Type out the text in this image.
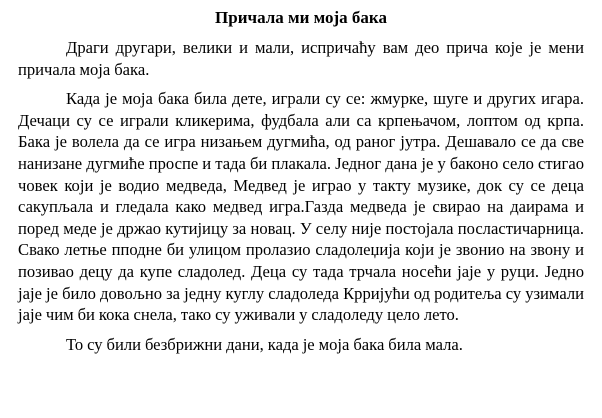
Причала ми моја бака

Драги другари, велики и мали, испричаћу вам део прича које је мени причала моја бака.

Када је моја бака била дете, играли су се: жмурке, шуге и других игара. Дечаци су се играли кликерима, фудбала али са крпењачом, лоптом од крпа. Бака је волела да се игра низањем дугмића, од раног јутра. Дешавало се да све нанизане дугмиће проспе и тада би плакала. Једног дана је у баконо село стигао човек који је водио медведа, Медвед је играо у такту музике, док су се деца сакупљала и гледала како медвед игра.Газда медведа је свирао на даирама и поред меде је држао кутијицу за новац. У селу није постојала посластичарница. Свако летње пподне би улицом пролазио сладолеџија који је звонио на звону и позивао децу да купе сладолед. Деца су тада трчала носећи јаје у руци. Једно јаје је било довољно за једну куглу сладоледа Крријући од родитеља су узимали јаје чим би кока снела, тако су уживали у сладоледу цело лето.

То су били безбрижни дани, када је моја бака била мала.
